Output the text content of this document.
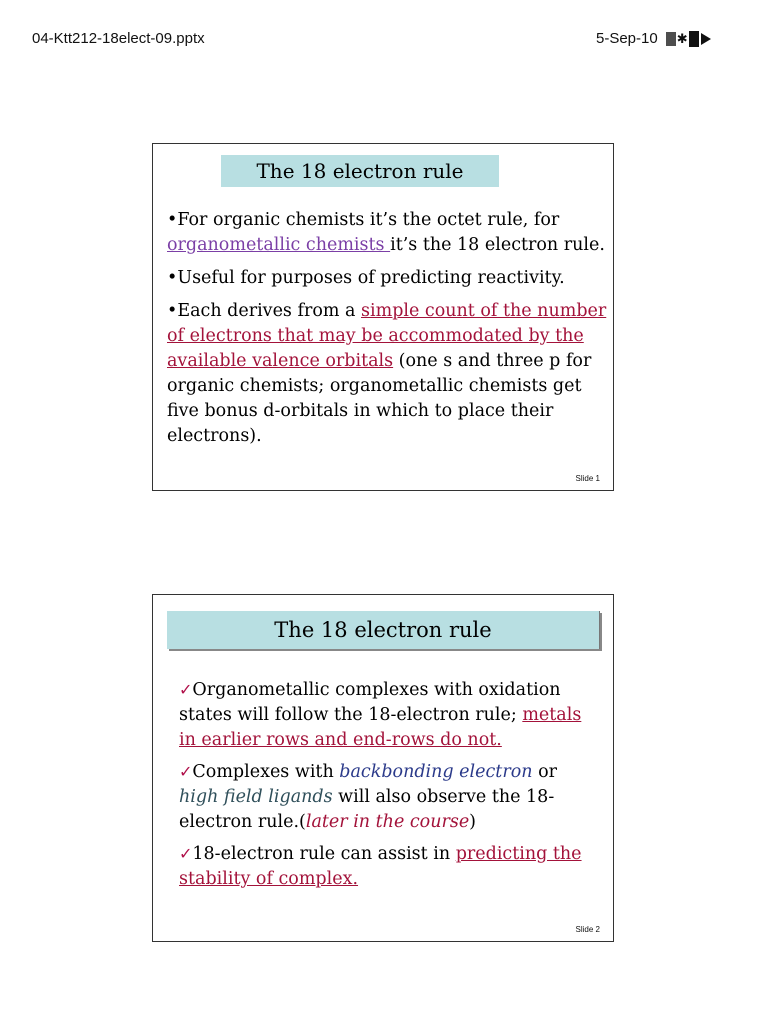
04-Ktt212-18elect-09.pptx	5-Sep-10 ✱
The 18 electron rule

•For organic chemists it’s the octet rule, for organometallic chemists it’s the 18 electron rule.

•Useful for purposes of predicting reactivity.

•Each derives from a simple count of the number of electrons that may be accommodated by the available valence orbitals (one s and three p for organic chemists; organometallic chemists get five bonus d-orbitals in which to place their electrons).

Slide 1
The 18 electron rule

✓Organometallic complexes with oxidation states will follow the 18-electron rule; metals in earlier rows and end-rows do not.

✓Complexes with backbonding electron or high field ligands will also observe the 18-electron rule.(later in the course)

✓18-electron rule can assist in predicting the stability of complex.

Slide 2
